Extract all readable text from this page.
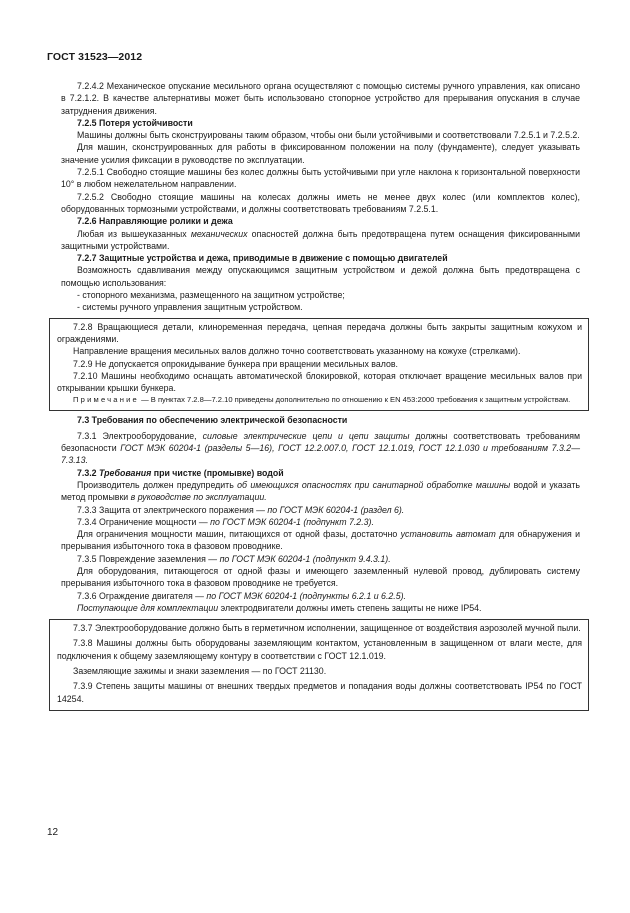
ГОСТ 31523—2012

7.2.4.2 Механическое опускание месильного органа осуществляют с помощью системы ручного управления, как описано в 7.2.1.2. В качестве альтернативы может быть использовано стопорное устройство для прерывания опускания в случае затруднения движения.

7.2.5 Потеря устойчивости

Машины должны быть сконструированы таким образом, чтобы они были устойчивыми и соответствовали 7.2.5.1 и 7.2.5.2.

Для машин, сконструированных для работы в фиксированном положении на полу (фундаменте), следует указывать значение усилия фиксации в руководстве по эксплуатации.

7.2.5.1 Свободно стоящие машины без колес должны быть устойчивыми при угле наклона к горизонтальной поверхности 10° в любом нежелательном направлении.

7.2.5.2 Свободно стоящие машины на колесах должны иметь не менее двух колес (или комплектов колес), оборудованных тормозными устройствами, и должны соответствовать требованиям 7.2.5.1.

7.2.6 Направляющие ролики и дежа

Любая из вышеуказанных механических опасностей должна быть предотвращена путем оснащения фиксированными защитными устройствами.

7.2.7 Защитные устройства и дежа, приводимые в движение с помощью двигателей

Возможность сдавливания между опускающимся защитным устройством и дежой должна быть предотвращена с помощью использования:

- стопорного механизма, размещенного на защитном устройстве;

- системы ручного управления защитным устройством.

7.2.8 Вращающиеся детали, клиноременная передача, цепная передача должны быть закрыты защитным кожухом и ограждениями.

Направление вращения месильных валов должно точно соответствовать указанному на кожухе (стрелками).

7.2.9 Не допускается опрокидывание бункера при вращении месильных валов.

7.2.10 Машины необходимо оснащать автоматической блокировкой, которая отключает вращение месильных валов при открывании крышки бункера.

Примечание — В пунктах 7.2.8—7.2.10 приведены дополнительно по отношению к EN 453:2000 требования к защитным устройствам.

7.3 Требования по обеспечению электрической безопасности

7.3.1 Электрооборудование, силовые электрические цепи и цепи защиты должны соответствовать требованиям безопасности ГОСТ МЭК 60204-1 (разделы 5—16), ГОСТ 12.2.007.0, ГОСТ 12.1.019, ГОСТ 12.1.030 и требованиям 7.3.2—7.3.13.

7.3.2 Требования при чистке (промывке) водой

Производитель должен предупредить об имеющихся опасностях при санитарной обработке машины водой и указать метод промывки в руководстве по эксплуатации.

7.3.3 Защита от электрического поражения — по ГОСТ МЭК 60204-1 (раздел 6).

7.3.4 Ограничение мощности — по ГОСТ МЭК 60204-1 (подпункт 7.2.3).

Для ограничения мощности машин, питающихся от одной фазы, достаточно установить автомат для обнаружения и прерывания избыточного тока в фазовом проводнике.

7.3.5 Повреждение заземления — по ГОСТ МЭК 60204-1 (подпункт 9.4.3.1).

Для оборудования, питающегося от одной фазы и имеющего заземленный нулевой провод, дублировать систему прерывания избыточного тока в фазовом проводнике не требуется.

7.3.6 Ограждение двигателя — по ГОСТ МЭК 60204-1 (подпункты 6.2.1 и 6.2.5).

Поступающие для комплектации электродвигатели должны иметь степень защиты не ниже IP54.

7.3.7 Электрооборудование должно быть в герметичном исполнении, защищенное от воздействия аэрозолей мучной пыли.

7.3.8 Машины должны быть оборудованы заземляющим контактом, установленным в защищенном от влаги месте, для подключения к общему заземляющему контуру в соответствии с ГОСТ 12.1.019.

Заземляющие зажимы и знаки заземления — по ГОСТ 21130.

7.3.9 Степень защиты машины от внешних твердых предметов и попадания воды должны соответствовать IP54 по ГОСТ 14254.

12
